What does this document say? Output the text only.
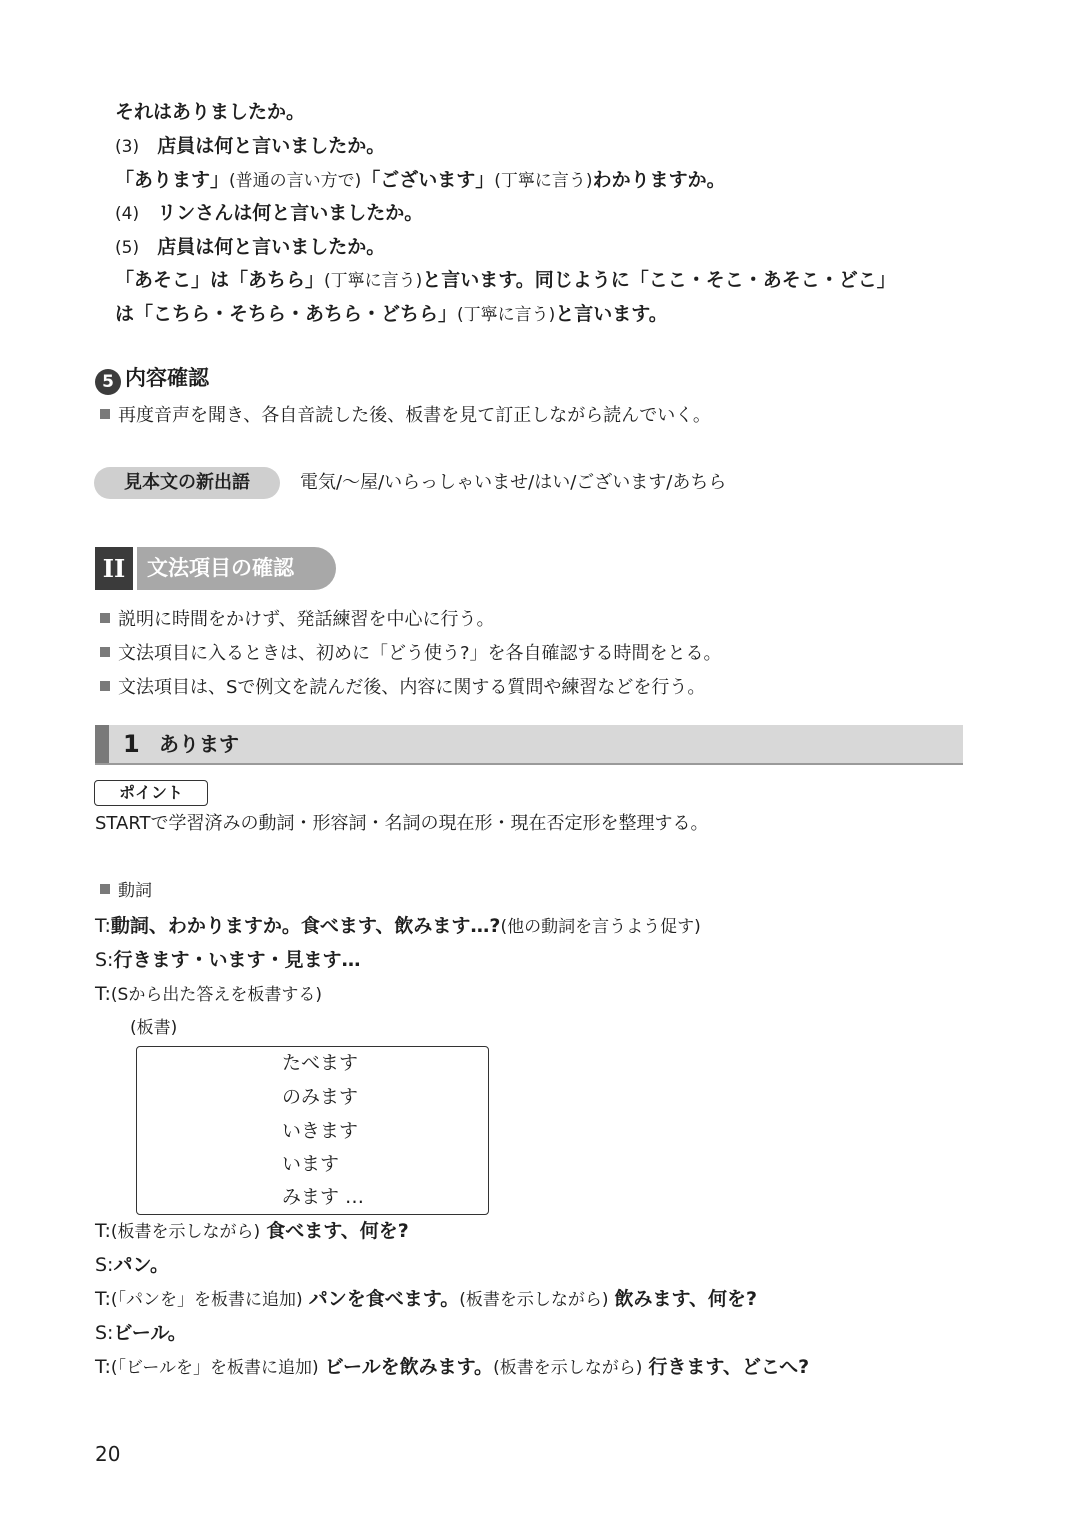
それはありましたか。
(3) 店員は何と言いましたか。
「あります」(普通の言い方で)「ございます」(丁寧に言う)わかりますか。
(4) リンさんは何と言いましたか。
(5) 店員は何と言いましたか。
「あそこ」は「あちら」(丁寧に言う)と言います。同じように「ここ・そこ・あそこ・どこ」
は「こちら・そちら・あちら・どちら」(丁寧に言う)と言います。
5 内容確認
再度音声を聞き、各自音読した後、板書を見て訂正しながら読んでいく。
見本文の新出語	電気/〜屋/いらっしゃいませ/はい/ございます/あちら
II	文法項目の確認
説明に時間をかけず、発話練習を中心に行う。
文法項目に入るときは、初めに「どう使う?」を各自確認する時間をとる。
文法項目は、Sで例文を読んだ後、内容に関する質問や練習などを行う。
1 あります
ポイント
STARTで学習済みの動詞・形容詞・名詞の現在形・現在否定形を整理する。
動詞
T:動詞、わかりますか。食べます、飲みます…?(他の動詞を言うよう促す)
S:行きます・います・見ます…
T:(Sから出た答えを板書する)
(板書)
たべます
のみます
いきます
います
みます …
T:(板書を示しながら) 食べます、何を?
S:パン。
T:(「パンを」を板書に追加) パンを食べます。(板書を示しながら) 飲みます、何を?
S:ビール。
T:(「ビールを」を板書に追加) ビールを飲みます。(板書を示しながら) 行きます、どこへ?
20
